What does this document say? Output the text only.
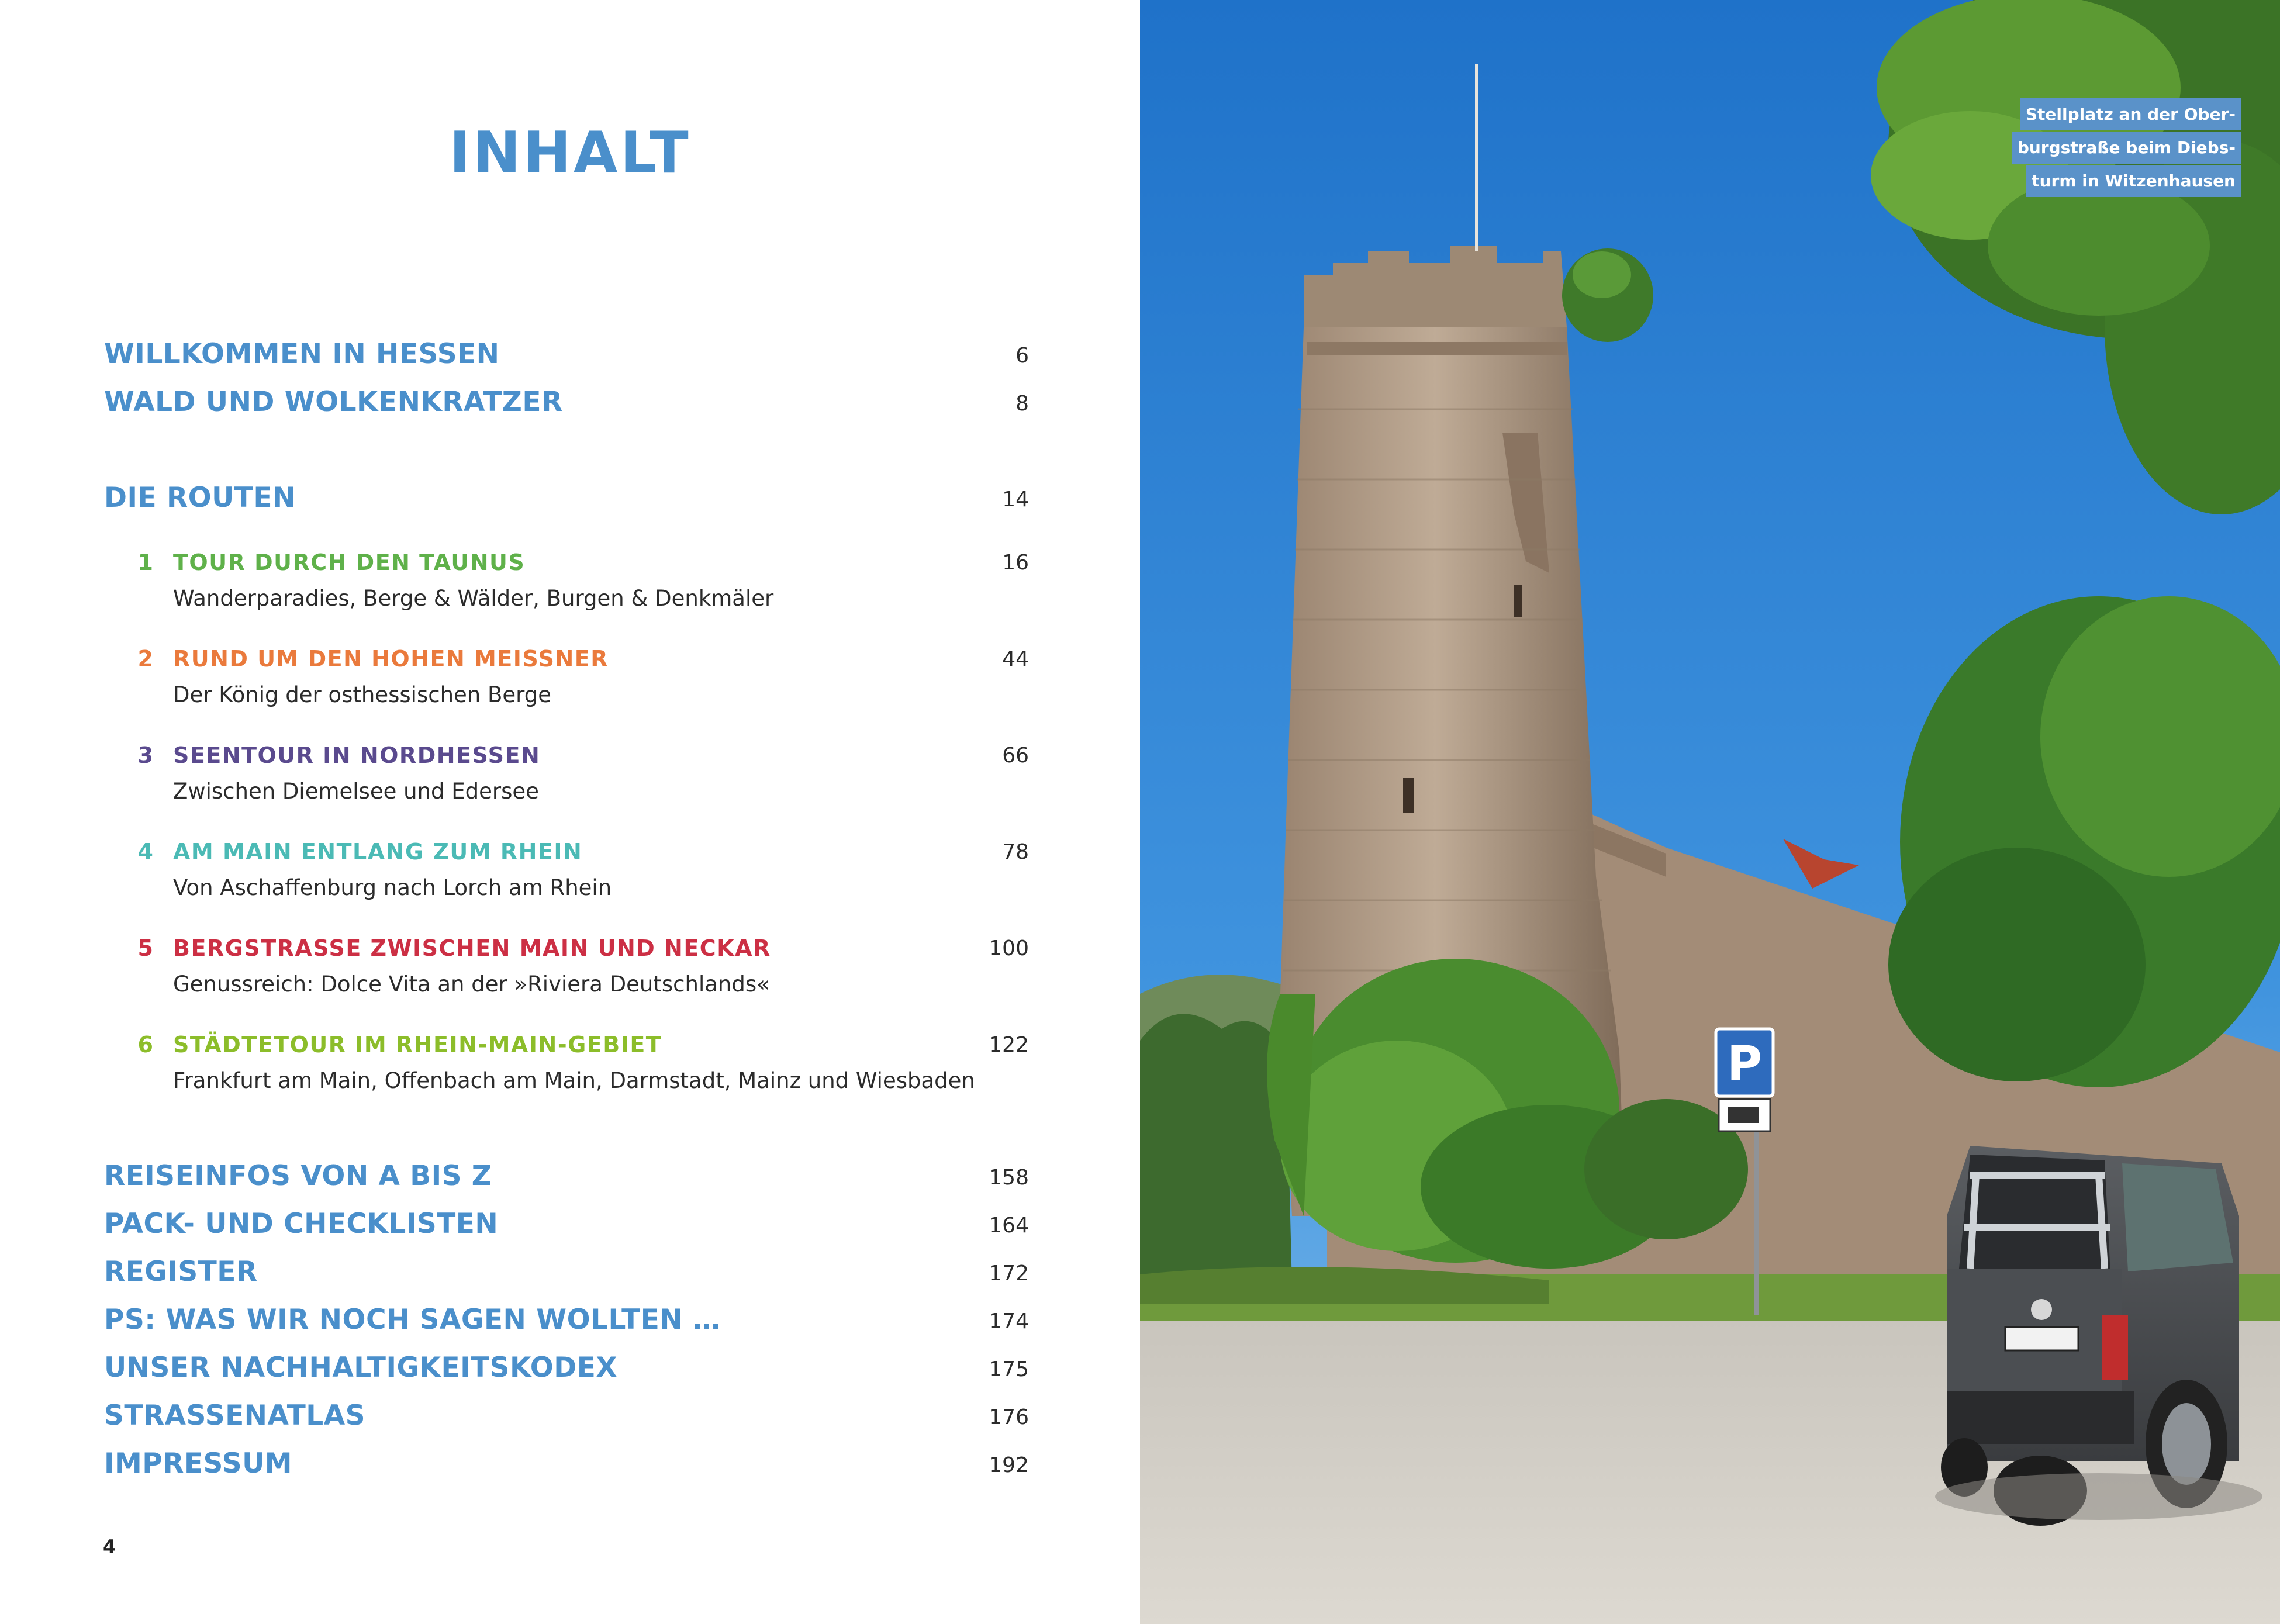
INHALT
WILLKOMMEN IN HESSEN	6
WALD UND WOLKENKRATZER	8
DIE ROUTEN	14
1 TOUR DURCH DEN TAUNUS	16
Wanderparadies, Berge & Wälder, Burgen & Denkmäler
2 RUND UM DEN HOHEN MEISSNER	44
Der König der osthessischen Berge
3 SEENTOUR IN NORDHESSEN	66
Zwischen Diemelsee und Edersee
4 AM MAIN ENTLANG ZUM RHEIN	78
Von Aschaffenburg nach Lorch am Rhein
5 BERGSTRASSE ZWISCHEN MAIN UND NECKAR	100
Genussreich: Dolce Vita an der »Riviera Deutschlands«
6 STÄDTETOUR IM RHEIN-MAIN-GEBIET	122
Frankfurt am Main, Offenbach am Main, Darmstadt, Mainz und Wiesbaden
REISEINFOS VON A BIS Z	158
PACK- UND CHECKLISTEN	164
REGISTER	172
PS: WAS WIR NOCH SAGEN WOLLTEN …	174
UNSER NACHHALTIGKEITSKODEX	175
STRASSENATLAS	176
IMPRESSUM	192
4
P
Stellplatz an der Ober-
burgstraße beim Diebs-
turm in Witzenhausen
